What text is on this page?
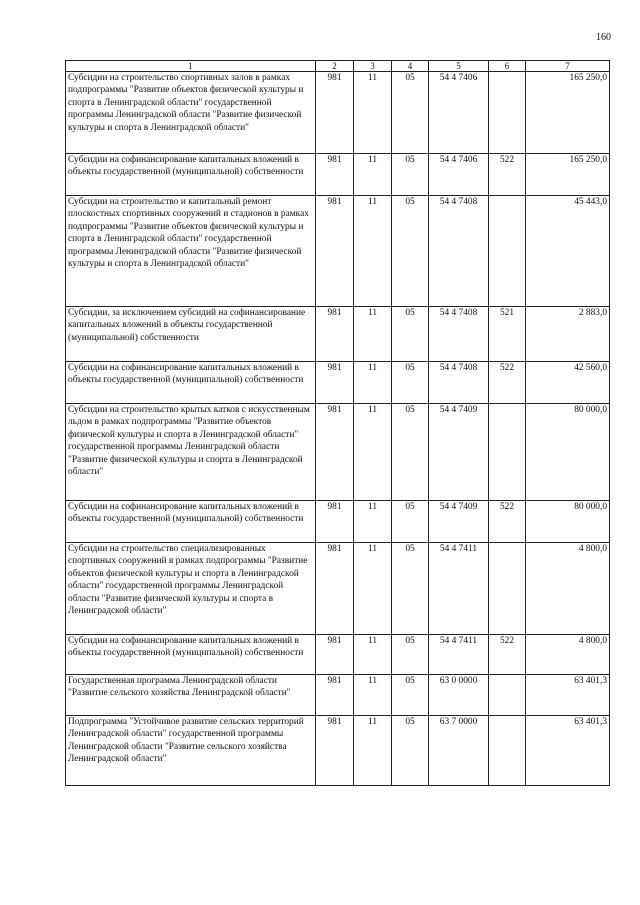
160
1	2	3	4	5	6	7
Субсидии на строительство спортивных залов в рамках подпрограммы "Развитие объектов физической культуры и спорта в Ленинградской области" государственной программы Ленинградской области "Развитие физической культуры и спорта в Ленинградской области"	981	11	05	54 4 7406		165 250,0
Субсидии на софинансирование капитальных вложений в объекты государственной (муниципальной) собственности	981	11	05	54 4 7406	522	165 250,0
Субсидии на строительство и капитальный ремонт плоскостных спортивных сооружений и стадионов в рамках подпрограммы "Развитие объектов физической культуры и спорта в Ленинградской области" государственной программы Ленинградской области "Развитие физической культуры и спорта в Ленинградской области"	981	11	05	54 4 7408		45 443,0
Субсидии, за исключением субсидий на софинансирование капитальных вложений в объекты государственной (муниципальной) собственности	981	11	05	54 4 7408	521	2 883,0
Субсидии на софинансирование капитальных вложений в объекты государственной (муниципальной) собственности	981	11	05	54 4 7408	522	42 560,0
Субсидии на строительство крытых катков с искусственным льдом в рамках подпрограммы "Развитие объектов физической культуры и спорта в Ленинградской области" государственной программы Ленинградской области "Развитие физической культуры и спорта в Ленинградской области"	981	11	05	54 4 7409		80 000,0
Субсидии на софинансирование капитальных вложений в объекты государственной (муниципальной) собственности	981	11	05	54 4 7409	522	80 000,0
Субсидии на строительство специализированных спортивных сооружений в рамках подпрограммы "Развитие объектов физической культуры и спорта в Ленинградской области" государственной программы Ленинградской области "Развитие физической культуры и спорта в Ленинградской области"	981	11	05	54 4 7411		4 800,0
Субсидии на софинансирование капитальных вложений в объекты государственной (муниципальной) собственности	981	11	05	54 4 7411	522	4 800,0
Государственная программа Ленинградской области "Развитие сельского хозяйства Ленинградской области"	981	11	05	63 0 0000		63 401,3
Подпрограмма "Устойчивое развитие сельских территорий Ленинградской области" государственной программы Ленинградской области "Развитие сельского хозяйства Ленинградской области"	981	11	05	63 7 0000		63 401,3
